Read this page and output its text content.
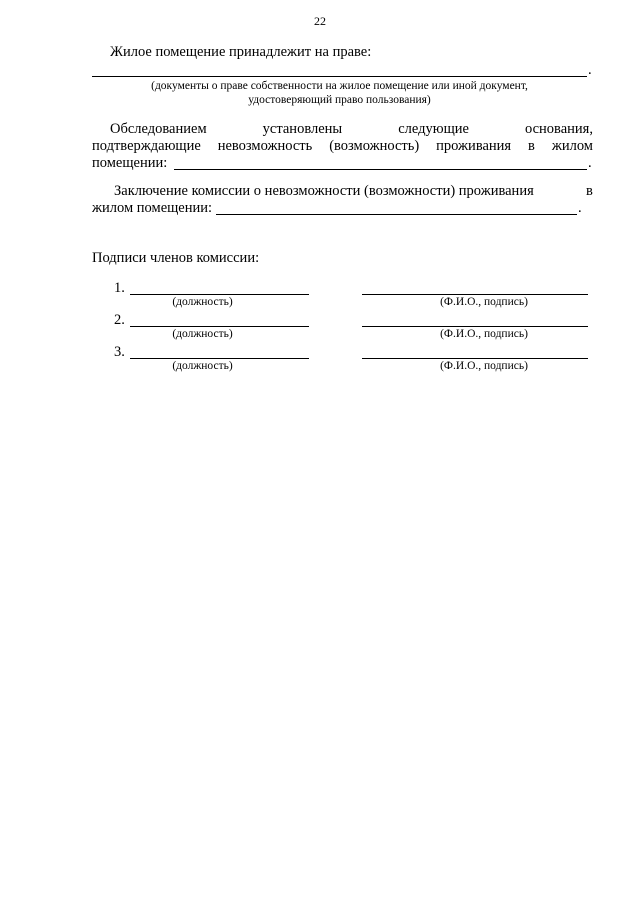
22
Жилое помещение принадлежит на праве:
.
(документы о праве собственности на жилое помещение или иной документ,
удостоверяющий право пользования)
Обследованием	установлены	следующие	основания,
подтверждающие невозможность (возможность) проживания в жилом
помещении:	.
Заключение комиссии о невозможности (возможности) проживания	в
жилом помещении:	.
Подписи членов комиссии:
1.
(должность)	(Ф.И.О., подпись)
2.
(должность)	(Ф.И.О., подпись)
3.
(должность)	(Ф.И.О., подпись)
